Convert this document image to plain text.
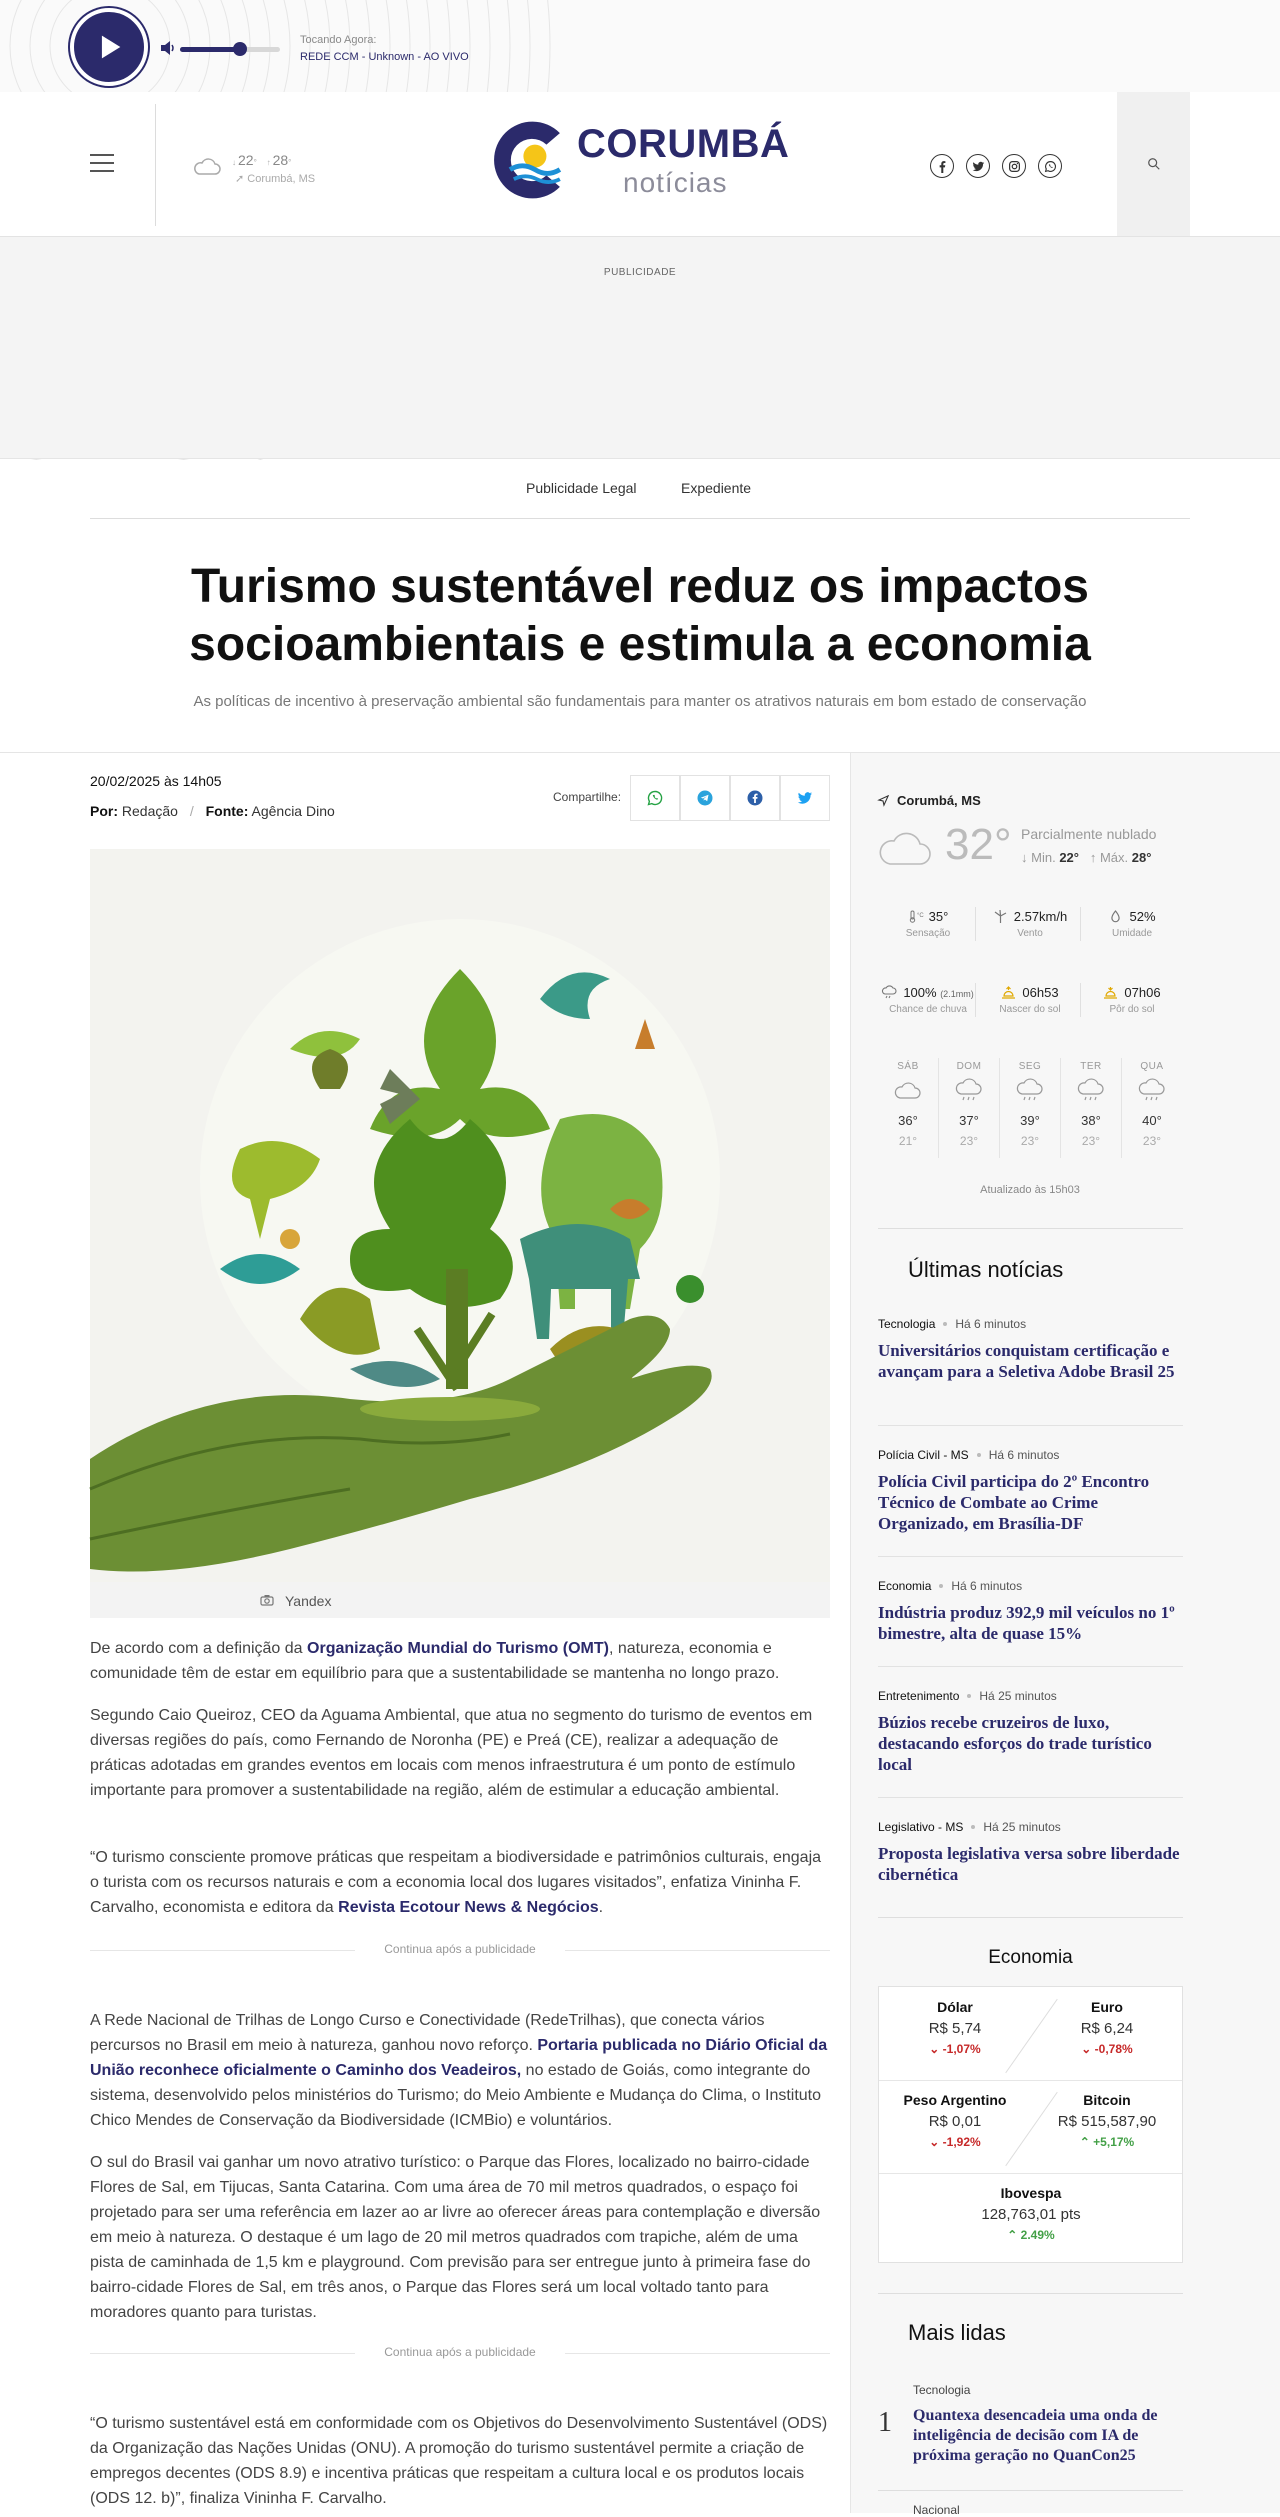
Tocando Agora:
REDE CCM - Unknown - AO VIVO
↓ 22° ↑ 28°
➚ Corumbá, MS
CORUMBÁ
notícias
PUBLICIDADE
Publicidade Legal	Expediente
Turismo sustentável reduz os impactos socioambientais e estimula a economia
As políticas de incentivo à preservação ambiental são fundamentais para manter os atrativos naturais em bom estado de conservação
20/02/2025 às 14h05
Por: Redação / Fonte: Agência Dino
Compartilhe:
Yandex

De acordo com a definição da Organização Mundial do Turismo (OMT), natureza, economia e comunidade têm de estar em equilíbrio para que a sustentabilidade se mantenha no longo prazo.

Segundo Caio Queiroz, CEO da Aguama Ambiental, que atua no segmento do turismo de eventos em diversas regiões do país, como Fernando de Noronha (PE) e Preá (CE), realizar a adequação de práticas adotadas em grandes eventos em locais com menos infraestrutura é um ponto de estímulo importante para promover a sustentabilidade na região, além de estimular a educação ambiental.

“O turismo consciente promove práticas que respeitam a biodiversidade e patrimônios culturais, engaja o turista com os recursos naturais e com a economia local dos lugares visitados”, enfatiza Vininha F. Carvalho, economista e editora da Revista Ecotour News & Negócios.

Continua após a publicidade

A Rede Nacional de Trilhas de Longo Curso e Conectividade (RedeTrilhas), que conecta vários percursos no Brasil em meio à natureza, ganhou novo reforço. Portaria publicada no Diário Oficial da União reconhece oficialmente o Caminho dos Veadeiros, no estado de Goiás, como integrante do sistema, desenvolvido pelos ministérios do Turismo; do Meio Ambiente e Mudança do Clima, o Instituto Chico Mendes de Conservação da Biodiversidade (ICMBio) e voluntários.

O sul do Brasil vai ganhar um novo atrativo turístico: o Parque das Flores, localizado no bairro-cidade Flores de Sal, em Tijucas, Santa Catarina. Com uma área de 70 mil metros quadrados, o espaço foi projetado para ser uma referência em lazer ao ar livre ao oferecer áreas para contemplação e diversão em meio à natureza. O destaque é um lago de 20 mil metros quadrados com trapiche, além de uma pista de caminhada de 1,5 km e playground. Com previsão para ser entregue junto à primeira fase do bairro-cidade Flores de Sal, em três anos, o Parque das Flores será um local voltado tanto para moradores quanto para turistas.

Continua após a publicidade

“O turismo sustentável está em conformidade com os Objetivos do Desenvolvimento Sustentável (ODS) da Organização das Nações Unidas (ONU). A promoção do turismo sustentável permite a criação de empregos decentes (ODS 8.9) e incentiva práticas que respeitam a cultura local e os produtos locais (ODS 12. b)”, finaliza Vininha F. Carvalho.

Corumbá, MS
32° Parcialmente nublado
↓ Min. 22°   ↑ Máx. 28°
°C 35°
Sensação
2.57km/h
Vento
52%
Umidade
100% (2.1mm)
Chance de chuva
06h53
Nascer do sol
07h06
Pôr do sol
SÁB
36°
21°
DOM
37°
23°
SEG
39°
23°
TER
38°
23°
QUA
40°
23°
Atualizado às 15h03
Últimas notícias
Tecnologia Há 6 minutos
Universitários conquistam certificação e avançam para a Seletiva Adobe Brasil 25
Polícia Civil - MS Há 6 minutos
Polícia Civil participa do 2º Encontro Técnico de Combate ao Crime Organizado, em Brasília-DF
Economia Há 6 minutos
Indústria produz 392,9 mil veículos no 1º bimestre, alta de quase 15%
Entretenimento Há 25 minutos
Búzios recebe cruzeiros de luxo, destacando esforços do trade turístico local
Legislativo - MS Há 25 minutos
Proposta legislativa versa sobre liberdade cibernética
Economia
Dólar
R$ 5,74
⌄ -1,07%
Euro
R$ 6,24
⌄ -0,78%
Peso Argentino
R$ 0,01
⌄ -1,92%
Bitcoin
R$ 515,587,90
⌃ +5,17%
Ibovespa
128,763,01 pts
⌃ 2.49%
Mais lidas
1
Tecnologia
Quantexa desencadeia uma onda de inteligência de decisão com IA de próxima geração no QuanCon25
Nacional
